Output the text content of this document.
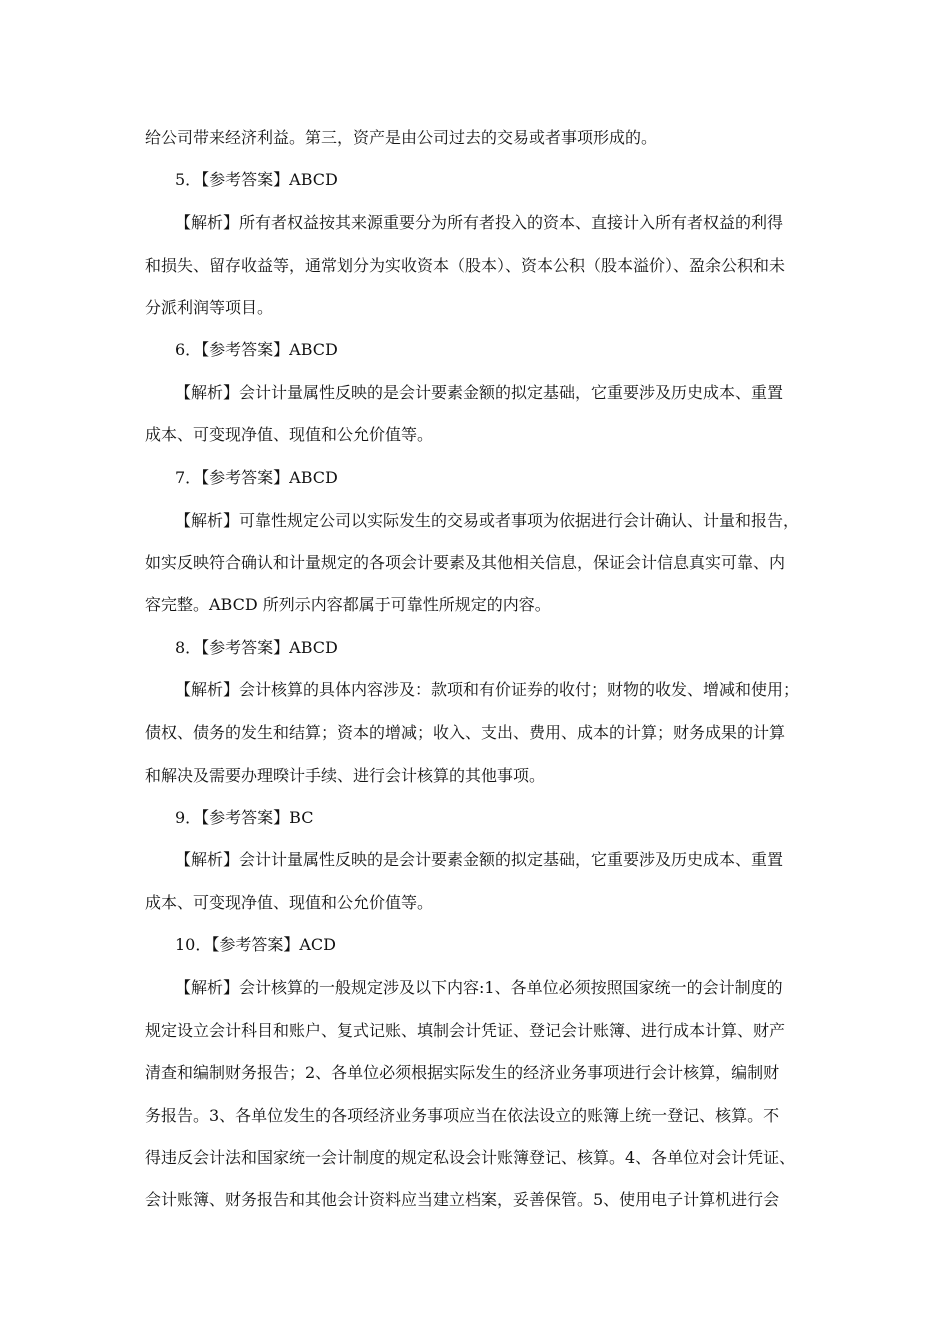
给公司带来经济利益。第三，资产是由公司过去的交易或者事项形成的。
5．【参考答案】ABCD
【解析】所有者权益按其来源重要分为所有者投入的资本、直接计入所有者权益的利得
和损失、留存收益等，通常划分为实收资本（股本）、资本公积（股本溢价）、盈余公积和未
分派利润等项目。
6．【参考答案】ABCD
【解析】会计计量属性反映的是会计要素金额的拟定基础，它重要涉及历史成本、重置
成本、可变现净值、现值和公允价值等。
7．【参考答案】ABCD
【解析】可靠性规定公司以实际发生的交易或者事项为依据进行会计确认、计量和报告，
如实反映符合确认和计量规定的各项会计要素及其他相关信息，保证会计信息真实可靠、内
容完整。ABCD 所列示内容都属于可靠性所规定的内容。
8．【参考答案】ABCD
【解析】会计核算的具体内容涉及：款项和有价证券的收付；财物的收发、增减和使用；
债权、债务的发生和结算；资本的增减；收入、支出、费用、成本的计算；财务成果的计算
和解决及需要办理暌计手续、进行会计核算的其他事项。
9．【参考答案】BC
【解析】会计计量属性反映的是会计要素金额的拟定基础，它重要涉及历史成本、重置
成本、可变现净值、现值和公允价值等。
10．【参考答案】ACD
【解析】会计核算的一般规定涉及以下内容:1、各单位必须按照国家统一的会计制度的
规定设立会计科目和账户、复式记账、填制会计凭证、登记会计账簿、进行成本计算、财产
清查和编制财务报告；2、各单位必须根据实际发生的经济业务事项进行会计核算，编制财
务报告。3、各单位发生的各项经济业务事项应当在依法设立的账簿上统一登记、核算。不
得违反会计法和国家统一会计制度的规定私设会计账簿登记、核算。4、各单位对会计凭证、
会计账簿、财务报告和其他会计资料应当建立档案，妥善保管。5、使用电子计算机进行会
